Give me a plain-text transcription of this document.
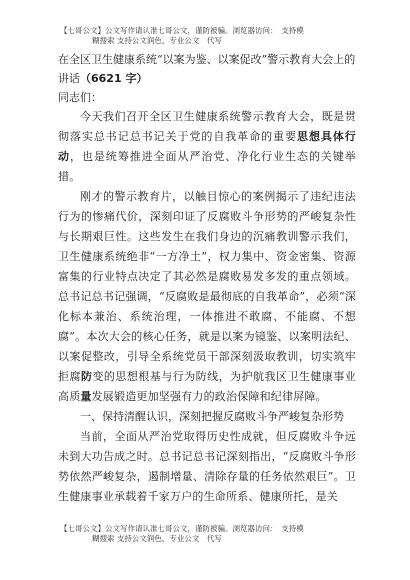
【七哥公文】公文写作请认准七哥公文，谨防被骗。浏览器访问：　支持模
糊搜索 支持公文润色，专业公文　代写

在全区卫生健康系统“以案为鉴、以案促改”警示教育大会上的讲话（6621 字）

同志们：

今天我们召开全区卫生健康系统警示教育大会，既是贯彻落实总书记总书记关于党的自我革命的重要思想具体行动，也是统筹推进全面从严治党、净化行业生态的关键举措。

刚才的警示教育片，以触目惊心的案例揭示了违纪违法行为的惨痛代价，深刻印证了反腐败斗争形势的严峻复杂性与长期艰巨性。这些发生在我们身边的沉痛教训警示我们，卫生健康系统绝非“一方净土”，权力集中、资金密集、资源富集的行业特点决定了其必然是腐败易发多发的重点领域。总书记总书记强调，“反腐败是最彻底的自我革命”，必须“深化标本兼治、系统治理，一体推进不敢腐、不能腐、不想腐”。本次大会的核心任务，就是以案为镜鉴、以案明法纪、以案促整改，引导全系统党员干部深刻汲取教训，切实筑牢拒腐防变的思想根基与行为防线，为护航我区卫生健康事业高质量发展锻造更加坚强有力的政治保障和纪律屏障。

一、保持清醒认识，深刻把握反腐败斗争严峻复杂形势

当前，全面从严治党取得历史性成就，但反腐败斗争远未到大功告成之时。总书记总书记深刻指出，“反腐败斗争形势依然严峻复杂，遏制增量、清除存量的任务依然艰巨”。卫生健康事业承载着千家万户的生命所系、健康所托，是关

【七哥公文】公文写作请认准七哥公文，谨防被骗。浏览器访问：　支持模
糊搜索 支持公文润色，专业公文　代写
